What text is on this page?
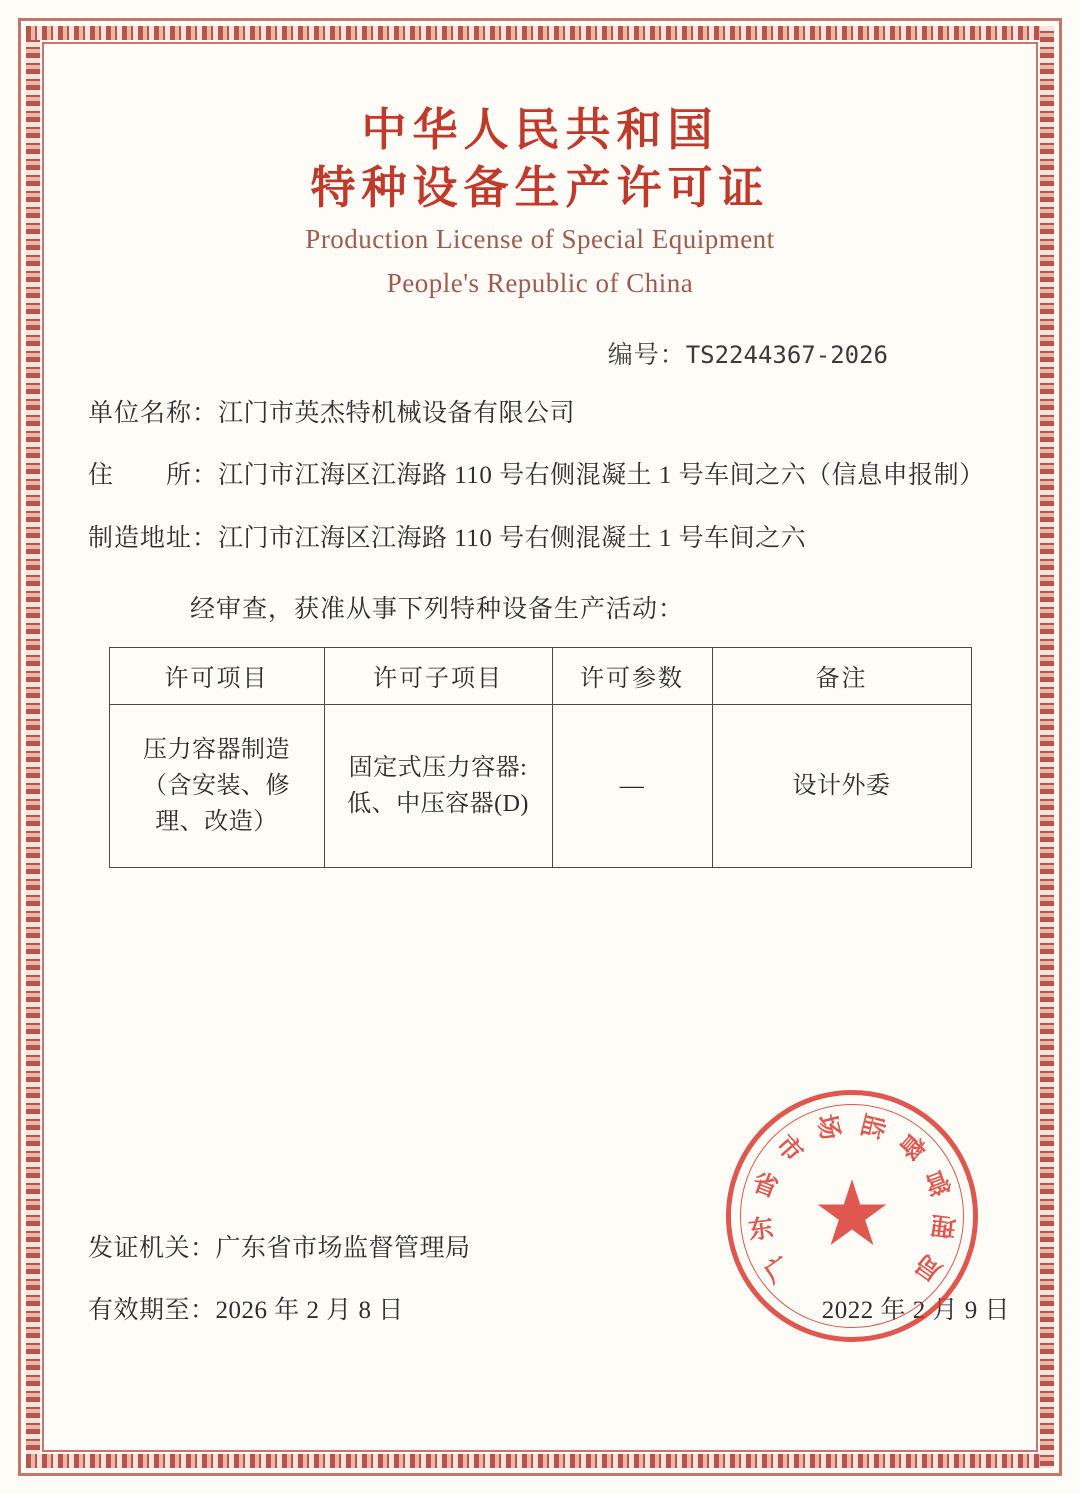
中华人民共和国
特种设备生产许可证
Production License of Special Equipment
People's Republic of China
编号：TS2244367-2026
单位名称：江门市英杰特机械设备有限公司
住　　所：江门市江海区江海路 110 号右侧混凝土 1 号车间之六（信息申报制）
制造地址：江门市江海区江海路 110 号右侧混凝土 1 号车间之六
经审查，获准从事下列特种设备生产活动：
许可项目	许可子项目	许可参数	备注
压力容器制造（含安装、修理、改造）	固定式压力容器:低、中压容器(D)	—	设计外委
发证机关：广东省市场监督管理局
有效期至：2026 年 2 月 8 日	2022 年 2 月 9 日
广
东
省
市
场 监
督
管
理
局
★
